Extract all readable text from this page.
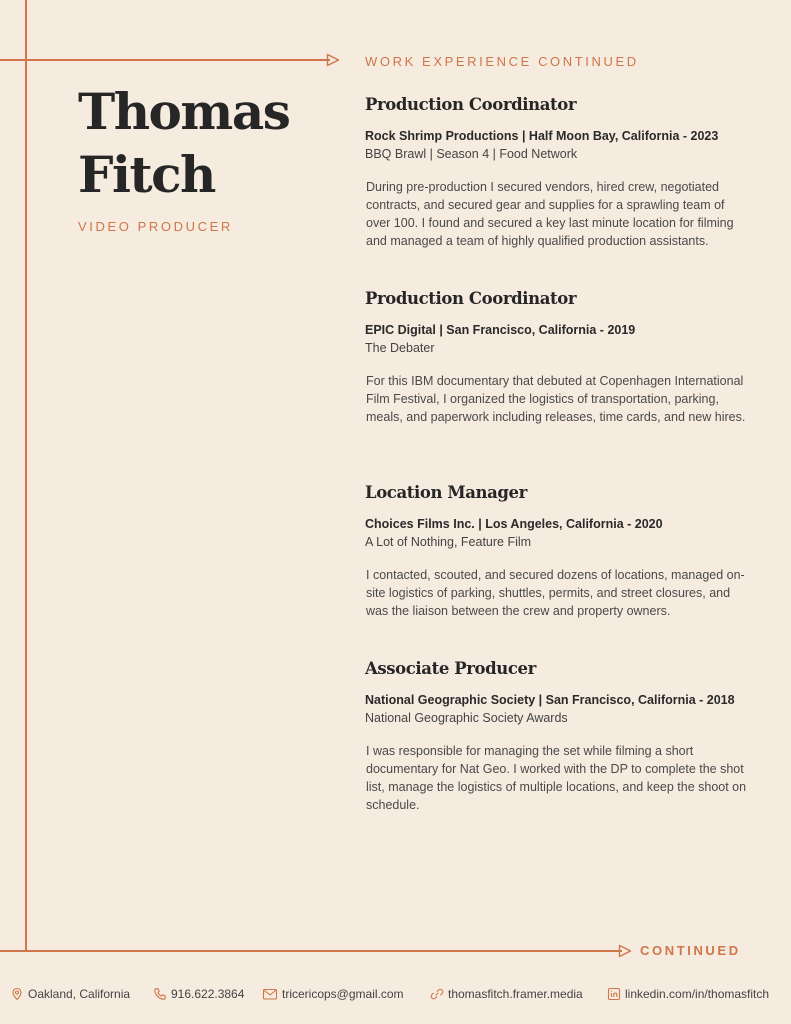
Thomas
Fitch
VIDEO PRODUCER
WORK EXPERIENCE CONTINUED
Production Coordinator
Rock Shrimp Productions | Half Moon Bay, California - 2023
BBQ Brawl | Season 4 | Food Network
During pre-production I secured vendors, hired crew, negotiated contracts, and secured gear and supplies for a sprawling team of over 100. I found and secured a key last minute location for filming and managed a team of highly qualified production assistants.
Production Coordinator
EPIC Digital | San Francisco, California - 2019
The Debater
For this IBM documentary that debuted at Copenhagen International Film Festival, I organized the logistics of transportation, parking, meals, and paperwork including releases, time cards, and new hires.
Location Manager
Choices Films Inc. | Los Angeles, California - 2020
A Lot of Nothing, Feature Film
I contacted, scouted, and secured dozens of locations, managed on-site logistics of parking, shuttles, permits, and street closures, and was the liaison between the crew and property owners.
Associate Producer
National Geographic Society | San Francisco, California - 2018
National Geographic Society Awards
I was responsible for managing the set while filming a short documentary for Nat Geo. I worked with the DP to complete the shot list, manage the logistics of multiple locations, and keep the shoot on schedule.
CONTINUED
Oakland, California	916.622.3864	tricericops@gmail.com	thomasfitch.framer.media	linkedin.com/in/thomasfitch
